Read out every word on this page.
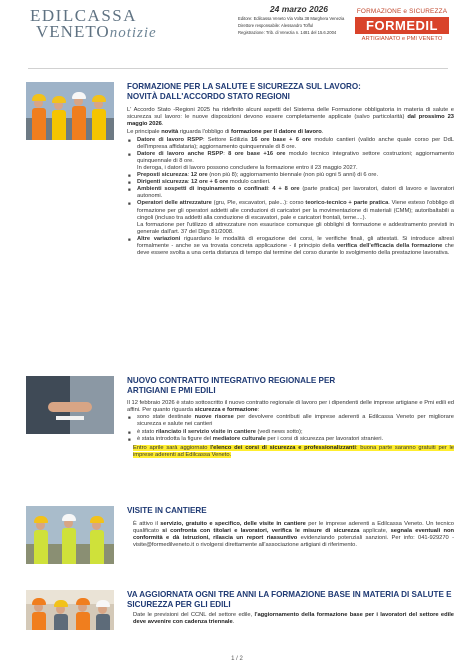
EDILCASSA
VENETOnotizie
24 marzo 2026
Editore: Edilcassa Veneto Via Volta 38 Marghera Venezia
Direttore responsabile: Alessandro Tofful
Registrazione: Trib. di Venezia n. 1481 del 15.6.2004
FORMAZIONE e SICUREZZA
FORMEDIL
ARTIGIANATO e PMI VENETO
FORMAZIONE PER LA SALUTE E SICUREZZA SUL LAVORO: NOVITÀ DALL'ACCORDO STATO REGIONI

L' Accordo Stato -Regioni 2025 ha ridefinito alcuni aspetti del Sistema delle Formazione obbligatoria in materia di salute e sicurezza sul lavoro: le nuove disposizioni devono essere completamente applicate (salvo particolarità) dal prossimo 23 maggio 2026.

Le principale novità riguarda l'obbligo di formazione per il datore di lavoro.

■ Datore di lavoro RSPP: Settore Edilizia 16 ore base + 6 ore modulo cantieri (valido anche quale corso per DdL dell'impresa affidataria); aggiornamento quinquennale di 8 ore.
■ Datore di lavoro anche RSPP: 8 ore base +16 ore modulo tecnico integrativo settore costruzioni; aggiornamento quinquennale di 8 ore.
In deroga, i datori di lavoro possono concludere la formazione entro il 23 maggio 2027.
■ Preposti sicurezza: 12 ore (non più 8); aggiornamento biennale (non più ogni 5 anni) di 6 ore.
■ Dirigenti sicurezza: 12 ore + 6 ore modulo cantieri.
■ Ambienti sospetti di inquinamento o confinati: 4 + 8 ore (parte pratica) per lavoratori, datori di lavoro e lavoratori autonomi.
■ Operatori delle attrezzature (gru, Ple, escavatori, pale...): corso teorico-tecnico + parte pratica. Viene esteso l'obbligo di formazione per gli operatori addetti alle conduzioni di caricatori per la movimentazione di materiali (CMM); autoribaltabili a cingoli (incluso tra addetti alla conduzione di escavatori, pale e caricatori frontali, terne....).
La formazione per l'utilizzo di attrezzature non esaurisce comunque gli obblighi di formazione e addestramento previsti in generale dall'art. 37 del Dlgs 81/2008.
■ Altre variazioni riguardano le modalità di erogazione dei corsi, le verifiche finali, gli attestati. Si introduce altresì formalmente - anche se va trovata concreta applicazione - il principio della verifica dell'efficacia della formazione che deve essere svolta a una certa distanza di tempo dal termine del corso durante lo svolgimento della prestazione lavorativa.
NUOVO CONTRATTO INTEGRATIVO REGIONALE PER ARTIGIANI E PMI EDILI

Il 12 febbraio 2026 è stato sottoscritto il nuovo contratto regionale di lavoro per i dipendenti delle imprese artigiane e Pmi edili ed affini. Per quanto riguarda sicurezza e formazione:

■ sono state destinate nuove risorse per devolvere contributi alle imprese aderenti a Edilcassa Veneto per migliorare sicurezza e salute nei cantieri
■ è stato rilanciato il servizio visite in cantiere (vedi news sotto);
■ è stata introdotta la figure del mediatore culturale per i corsi di sicurezza per lavoratori stranieri.

Entro aprile sarà aggiornato l'elenco dei corsi di sicurezza e professionalizzanti: buona parte saranno gratuiti per le imprese aderenti ad Edilcassa Veneto.

VISITE IN CANTIERE

È attivo il servizio, gratuito e specifico, delle visite in cantiere per le imprese aderenti a Edilcassa Veneto. Un tecnico qualificato si confronta con titolari e lavoratori, verifica le misure di sicurezza applicate, segnala eventuali non conformità e dà istruzioni, rilascia un report riassuntivo evidenziando potenziali sanzioni. Per info: 041-929270 - visite@formedilveneto.it o rivolgersi direttamente all'associazione artigiani di riferimento.

VA AGGIORNATA OGNI TRE ANNI LA FORMAZIONE BASE IN MATERIA DI SALUTE E SICUREZZA PER GLI EDILI

Date le previsioni del CCNL del settore edile, l'aggiornamento della formazione base per i lavoratori del settore edile deve avvenire con cadenza triennale.

1 / 2
